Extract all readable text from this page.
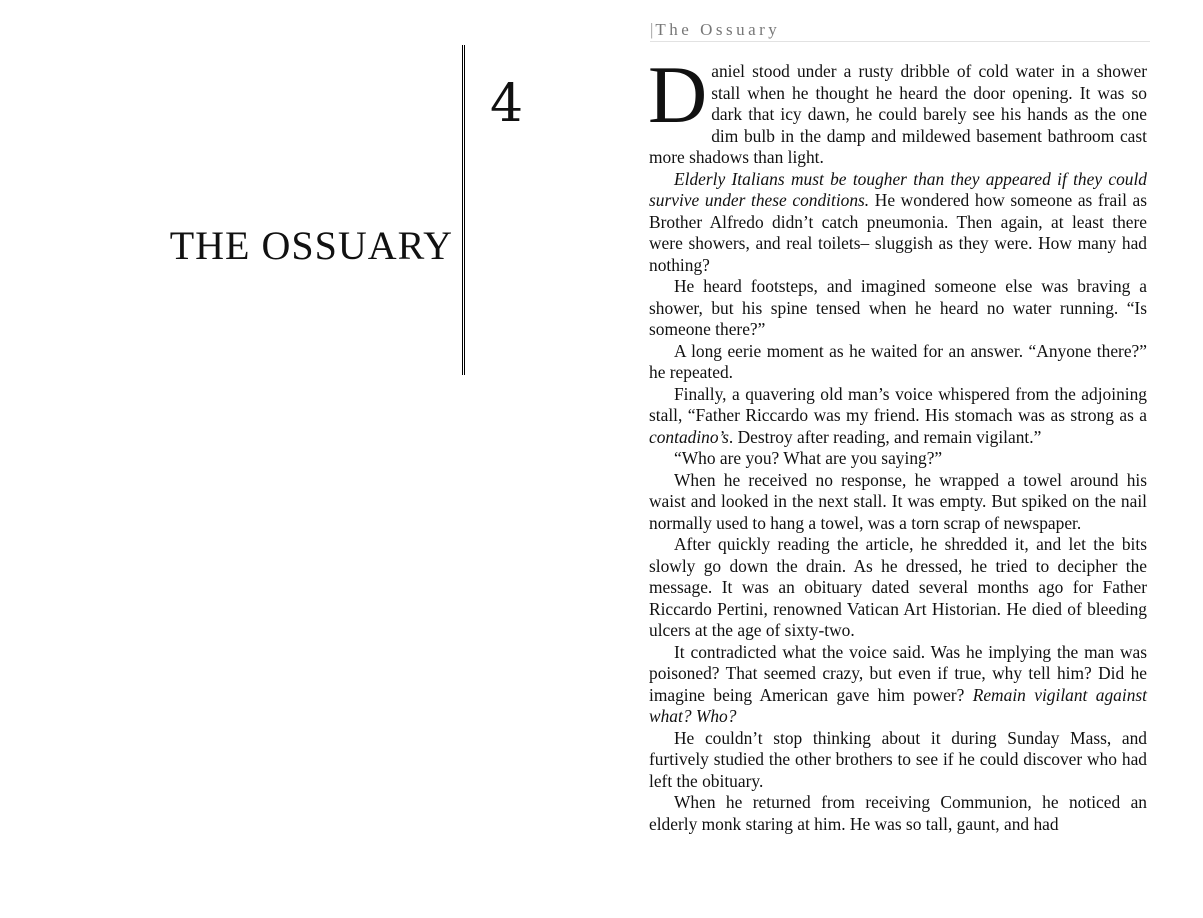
THE OSSUARY
4
| The Ossuary

Daniel stood under a rusty dribble of cold water in a shower stall when he thought he heard the door opening. It was so dark that icy dawn, he could barely see his hands as the one dim bulb in the damp and mildewed basement bathroom cast more shadows than light.

Elderly Italians must be tougher than they appeared if they could survive under these conditions. He wondered how someone as frail as Brother Alfredo didn’t catch pneumonia. Then again, at least there were showers, and real toilets– sluggish as they were. How many had nothing?

He heard footsteps, and imagined someone else was braving a shower, but his spine tensed when he heard no water running. “Is someone there?”

A long eerie moment as he waited for an answer. “Anyone there?” he repeated.

Finally, a quavering old man’s voice whispered from the adjoining stall, “Father Riccardo was my friend. His stomach was as strong as a contadino’s. Destroy after reading, and remain vigilant.”

“Who are you? What are you saying?”

When he received no response, he wrapped a towel around his waist and looked in the next stall. It was empty. But spiked on the nail normally used to hang a towel, was a torn scrap of newspaper.

After quickly reading the article, he shredded it, and let the bits slowly go down the drain. As he dressed, he tried to decipher the message. It was an obituary dated several months ago for Father Riccardo Pertini, renowned Vatican Art Historian. He died of bleeding ulcers at the age of sixty-two.

It contradicted what the voice said. Was he implying the man was poisoned? That seemed crazy, but even if true, why tell him? Did he imagine being American gave him power? Remain vigilant against what? Who?

He couldn’t stop thinking about it during Sunday Mass, and furtively studied the other brothers to see if he could discover who had left the obituary.

When he returned from receiving Communion, he noticed an elderly monk staring at him. He was so tall, gaunt, and had
